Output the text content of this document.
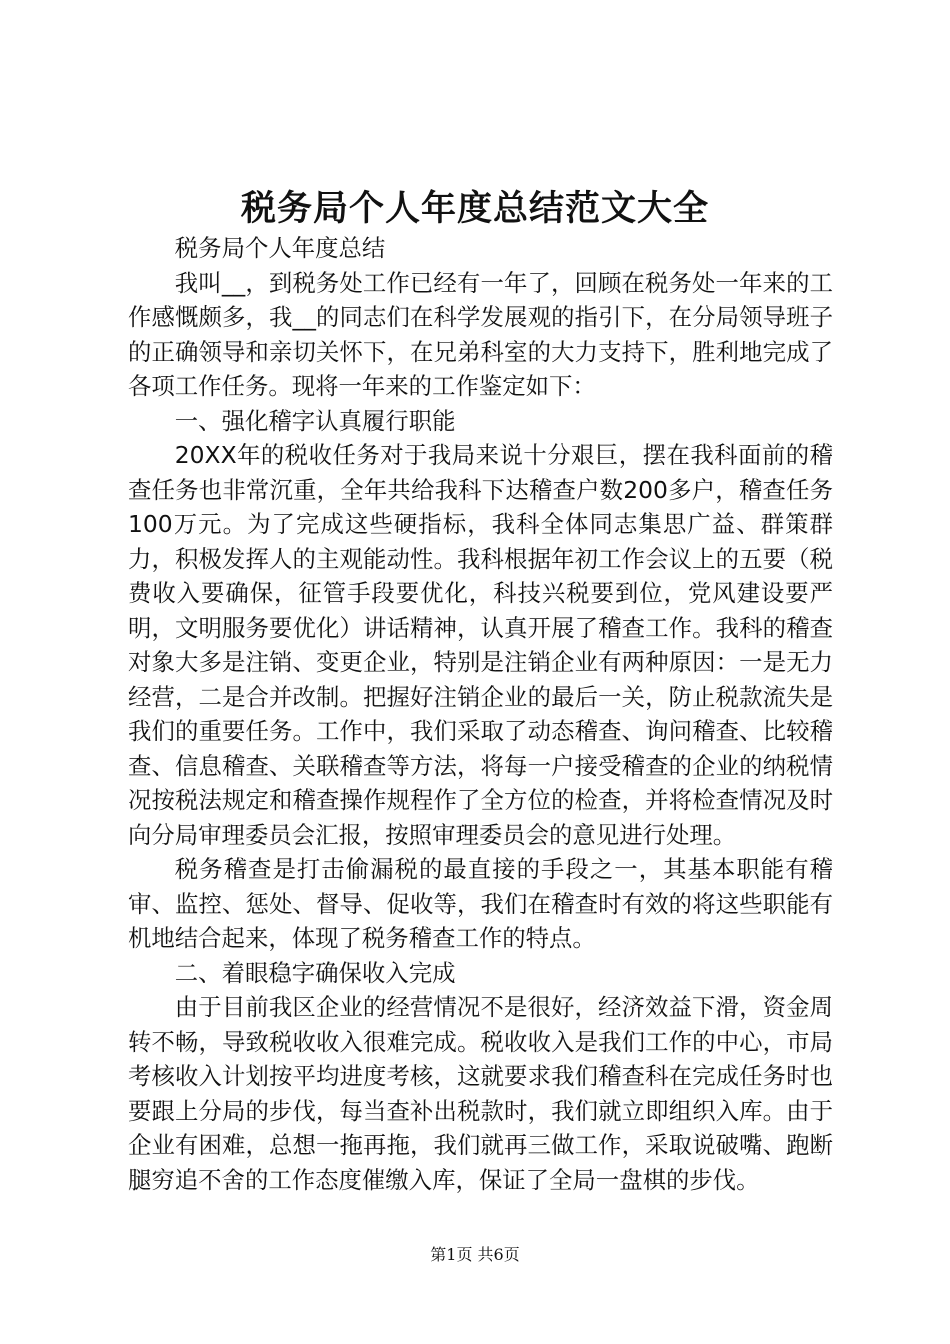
税务局个人年度总结范文大全

税务局个人年度总结

我叫__，到税务处工作已经有一年了，回顾在税务处一年来的工作感慨颇多，我__的同志们在科学发展观的指引下，在分局领导班子的正确领导和亲切关怀下，在兄弟科室的大力支持下，胜利地完成了各项工作任务。现将一年来的工作鉴定如下：

一、强化稽字认真履行职能

20XX年的税收任务对于我局来说十分艰巨，摆在我科面前的稽查任务也非常沉重，全年共给我科下达稽查户数200多户，稽查任务100万元。为了完成这些硬指标，我科全体同志集思广益、群策群力，积极发挥人的主观能动性。我科根据年初工作会议上的五要（税费收入要确保，征管手段要优化，科技兴税要到位，党风建设要严明，文明服务要优化）讲话精神，认真开展了稽查工作。我科的稽查对象大多是注销、变更企业，特别是注销企业有两种原因：一是无力经营，二是合并改制。把握好注销企业的最后一关，防止税款流失是我们的重要任务。工作中，我们采取了动态稽查、询问稽查、比较稽查、信息稽查、关联稽查等方法，将每一户接受稽查的企业的纳税情况按税法规定和稽查操作规程作了全方位的检查，并将检查情况及时向分局审理委员会汇报，按照审理委员会的意见进行处理。

税务稽查是打击偷漏税的最直接的手段之一，其基本职能有稽审、监控、惩处、督导、促收等，我们在稽查时有效的将这些职能有机地结合起来，体现了税务稽查工作的特点。

二、着眼稳字确保收入完成

由于目前我区企业的经营情况不是很好，经济效益下滑，资金周转不畅，导致税收收入很难完成。税收收入是我们工作的中心，市局考核收入计划按平均进度考核，这就要求我们稽查科在完成任务时也要跟上分局的步伐，每当查补出税款时，我们就立即组织入库。由于企业有困难，总想一拖再拖，我们就再三做工作，采取说破嘴、跑断腿穷追不舍的工作态度催缴入库，保证了全局一盘棋的步伐。

第1页 共6页
